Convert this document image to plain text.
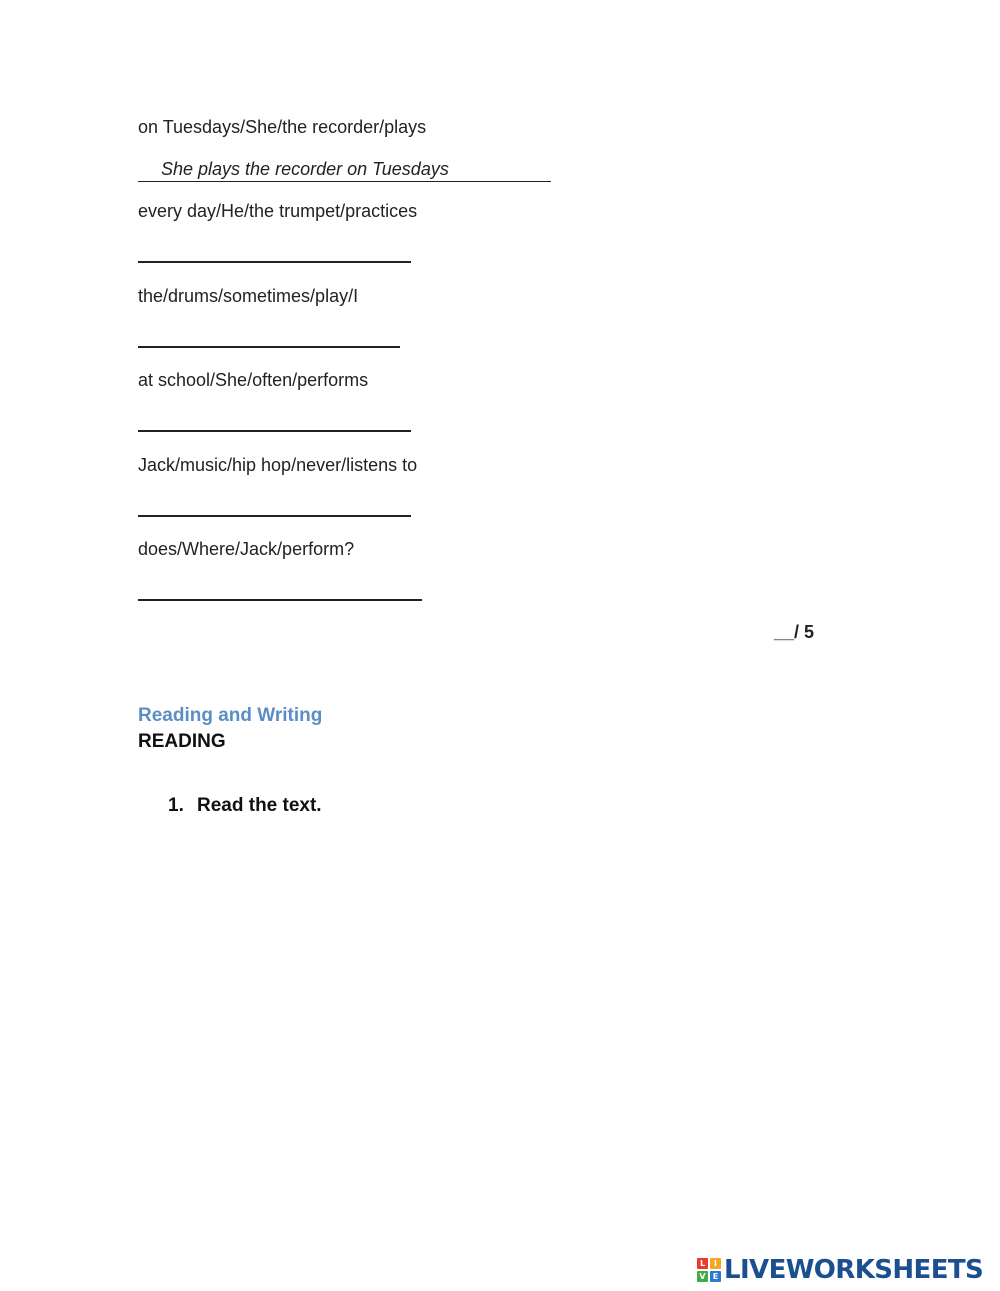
on Tuesdays/She/the recorder/plays
She plays the recorder on Tuesdays
every day/He/the trumpet/practices
the/drums/sometimes/play/I
at school/She/often/performs
Jack/music/hip hop/never/listens to
does/Where/Jack/perform?
__/ 5
Reading and Writing
READING
1. Read the text.
L	I
V E LIVEWORKSHEETS
